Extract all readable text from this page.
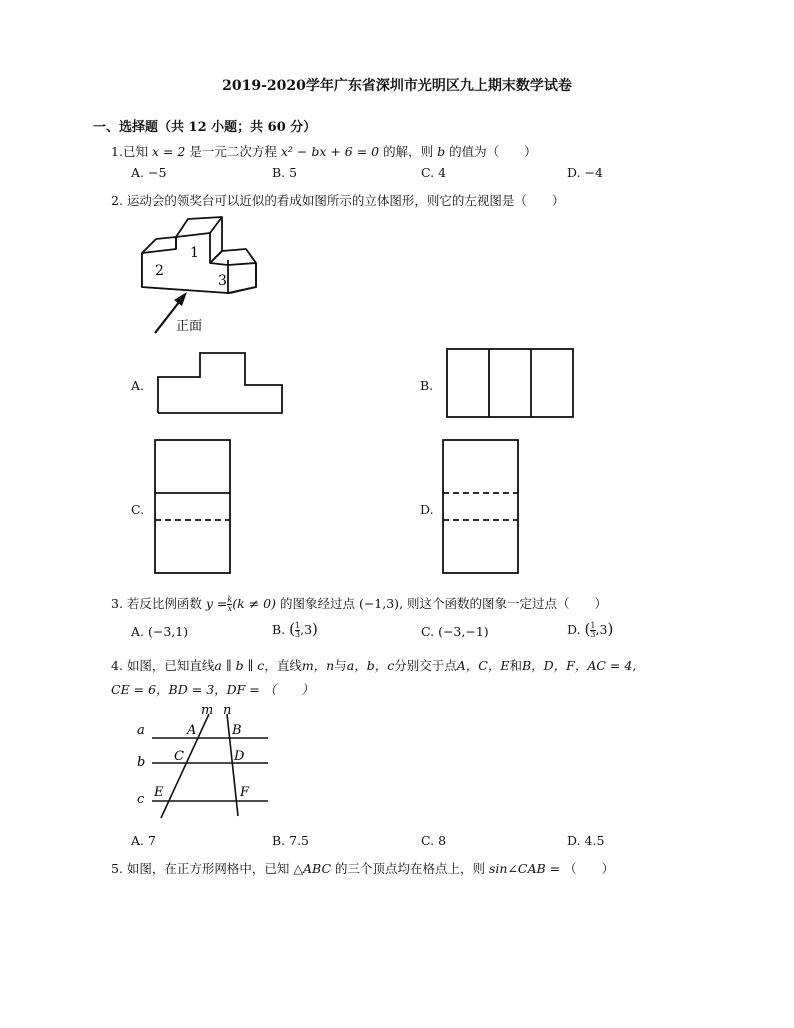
2019-2020学年广东省深圳市光明区九上期末数学试卷
一、选择题（共 12 小题；共 60 分）
1.已知 x = 2 是一元二次方程 x² − bx + 6 = 0 的解，则 b 的值为（　　）
A. −5	B. 5	C. 4	D. −4
2. 运动会的领奖台可以近似的看成如图所示的立体图形，则它的左视图是（　　）
1
2
3
正面
A.	B.
C.	D.
3. 若反比例函数 $y = \frac{k}{x} (k \ne 0)$ 的图象经过点 (−1,3), 则这个函数的图象一定过点（　　）
A. (−3,1)	B. ( $\frac{1}{3} ,3$)	C. (−3,−1)	D. ( $\frac{1}{3} ,3$)
4. 如图，已知直线a ∥ b ∥ c，直线m，n与a，b，c分别交于点A，C，E和B，D，F，AC = 4,
CE = 6，BD = 3，DF = （　　）
a
b
c
m n
A	B
C	D
E	F
A. 7	B. 7.5	C. 8	D. 4.5
5. 如图，在正方形网格中，已知 △ABC 的三个顶点均在格点上，则 sin∠CAB = （　　）
